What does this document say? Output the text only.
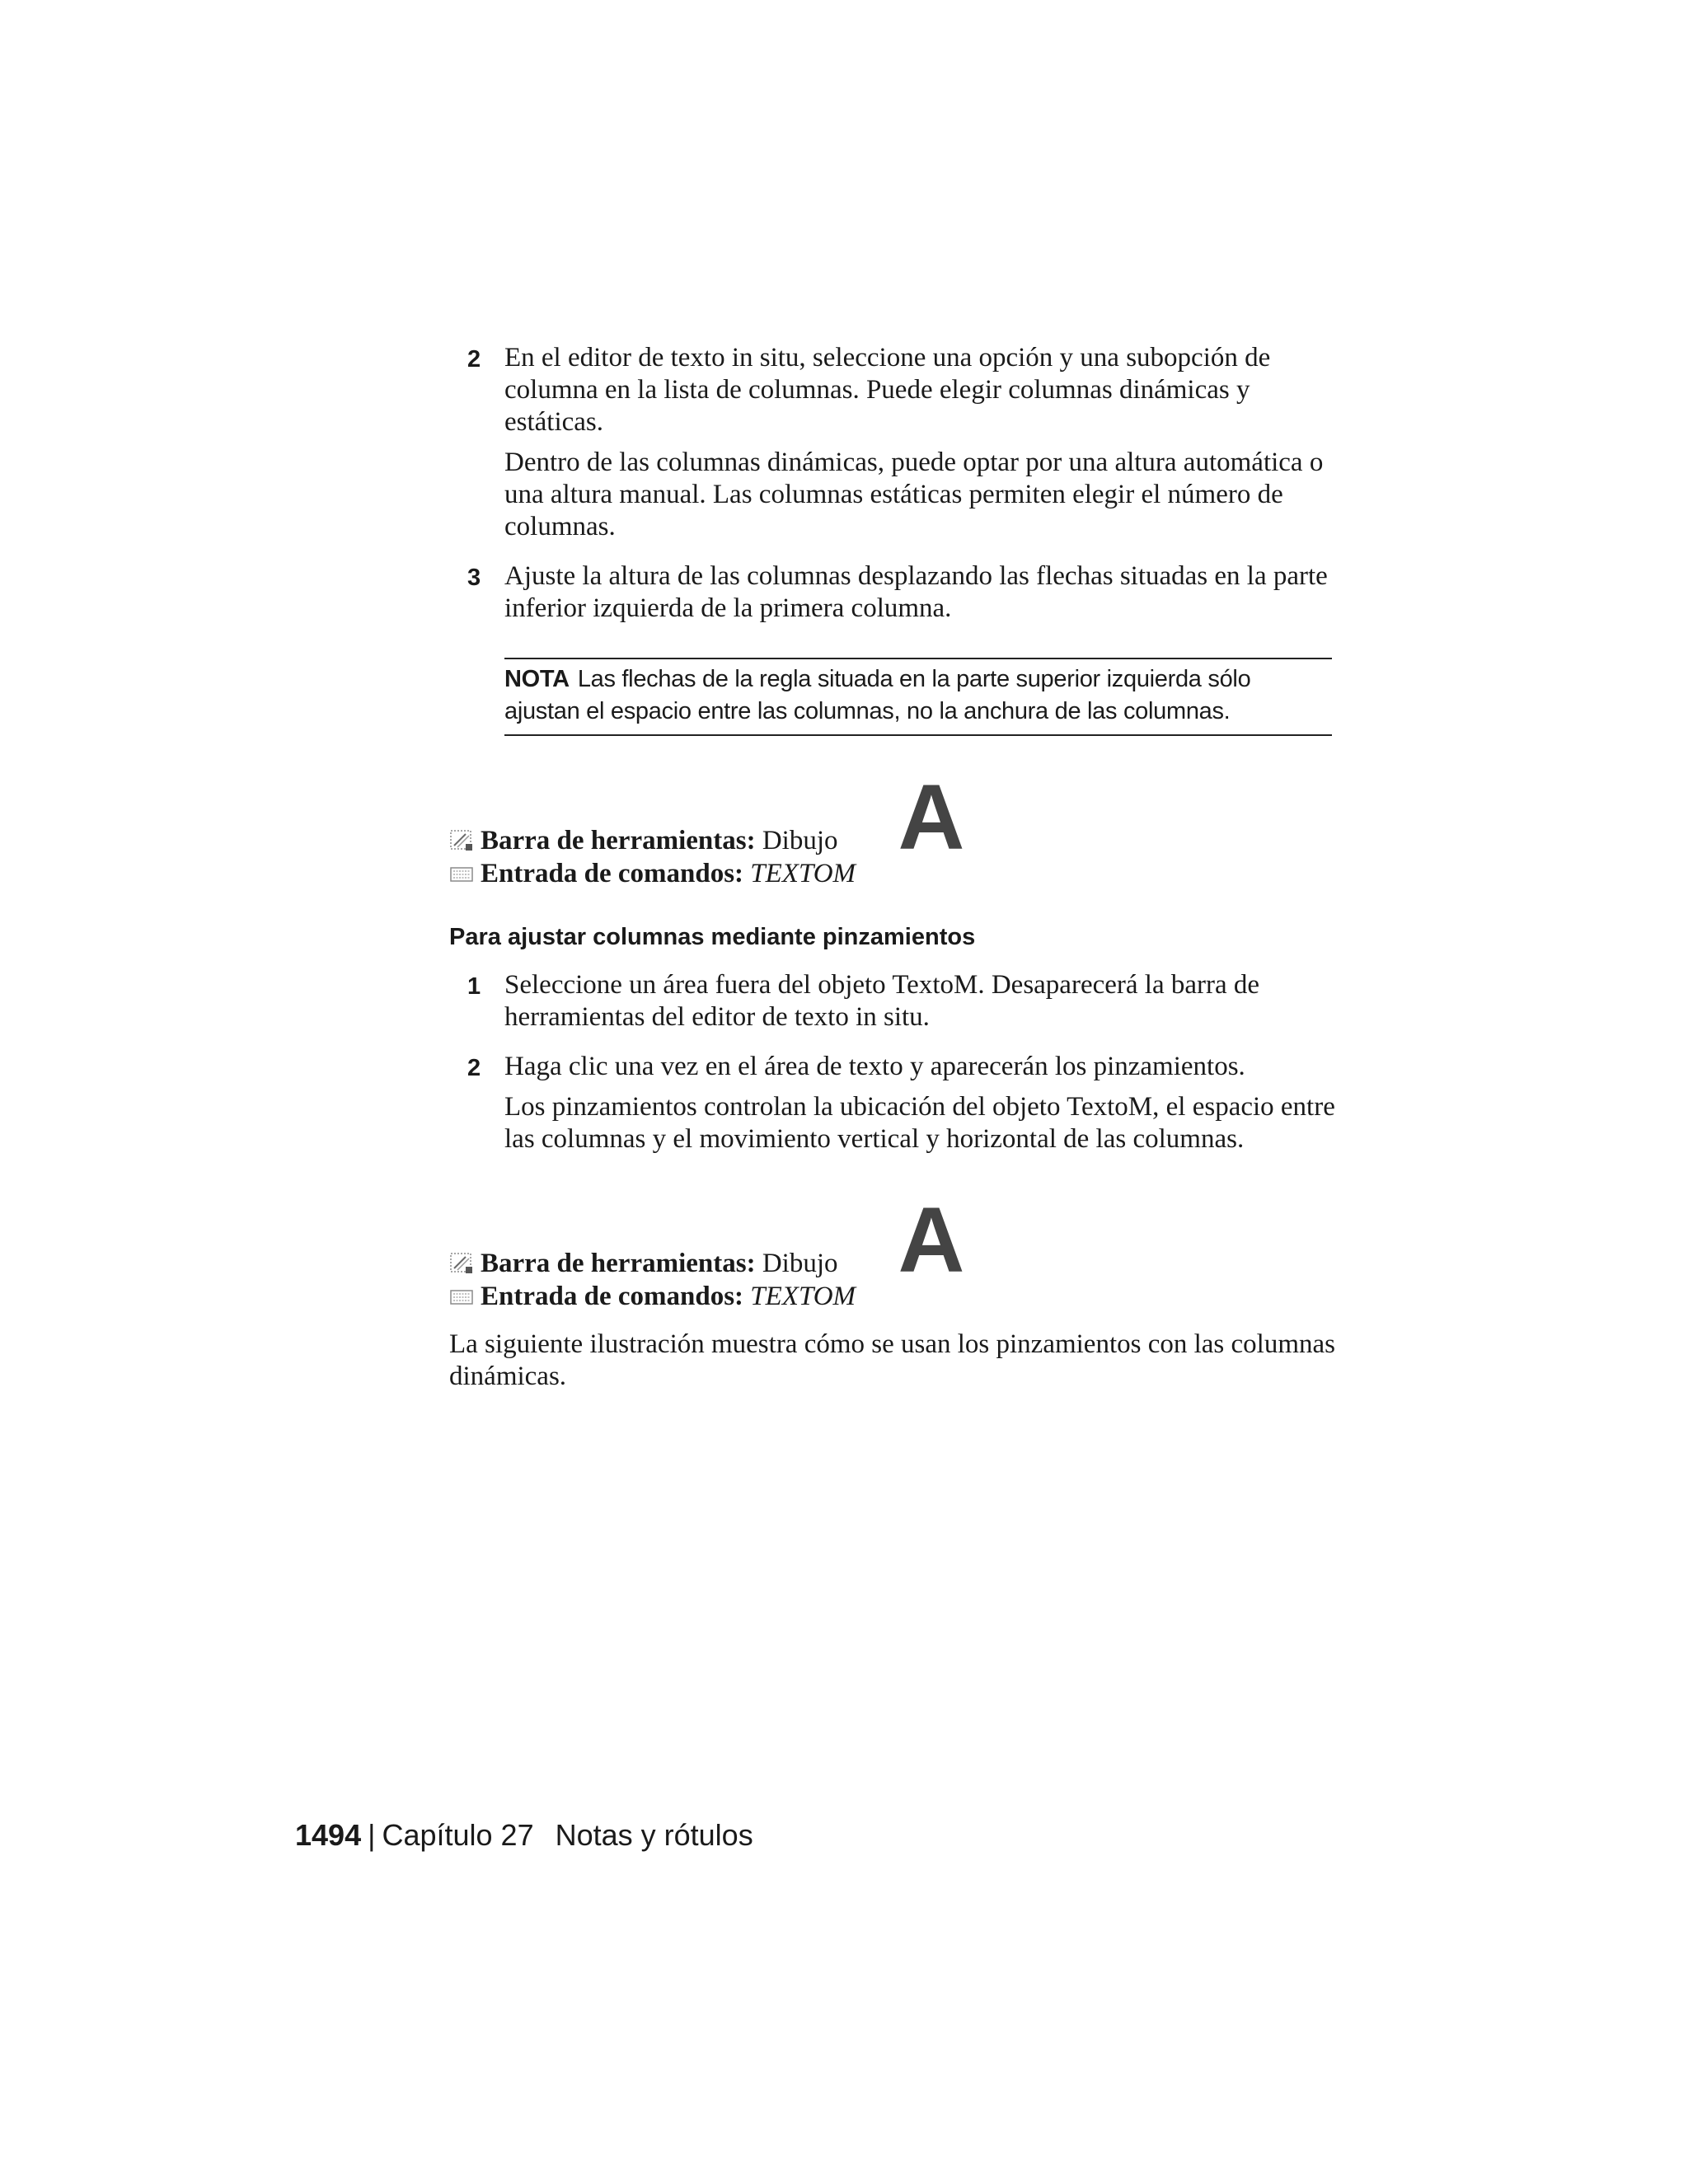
2 En el editor de texto in situ, seleccione una opción y una subopción de columna en la lista de columnas. Puede elegir columnas dinámicas y estáticas.

Dentro de las columnas dinámicas, puede optar por una altura automática o una altura manual. Las columnas estáticas permiten elegir el número de columnas.

3 Ajuste la altura de las columnas desplazando las flechas situadas en la parte inferior izquierda de la primera columna.

NOTA Las flechas de la regla situada en la parte superior izquierda sólo ajustan el espacio entre las columnas, no la anchura de las columnas.
Barra de herramientas: Dibujo
Entrada de comandos: TEXTOM
A
Para ajustar columnas mediante pinzamientos
1 Seleccione un área fuera del objeto TextoM. Desaparecerá la barra de herramientas del editor de texto in situ.

2 Haga clic una vez en el área de texto y aparecerán los pinzamientos.

Los pinzamientos controlan la ubicación del objeto TextoM, el espacio entre las columnas y el movimiento vertical y horizontal de las columnas.

Barra de herramientas: Dibujo
Entrada de comandos: TEXTOM
A

La siguiente ilustración muestra cómo se usan los pinzamientos con las columnas dinámicas.

1494 | Capítulo 27 Notas y rótulos
